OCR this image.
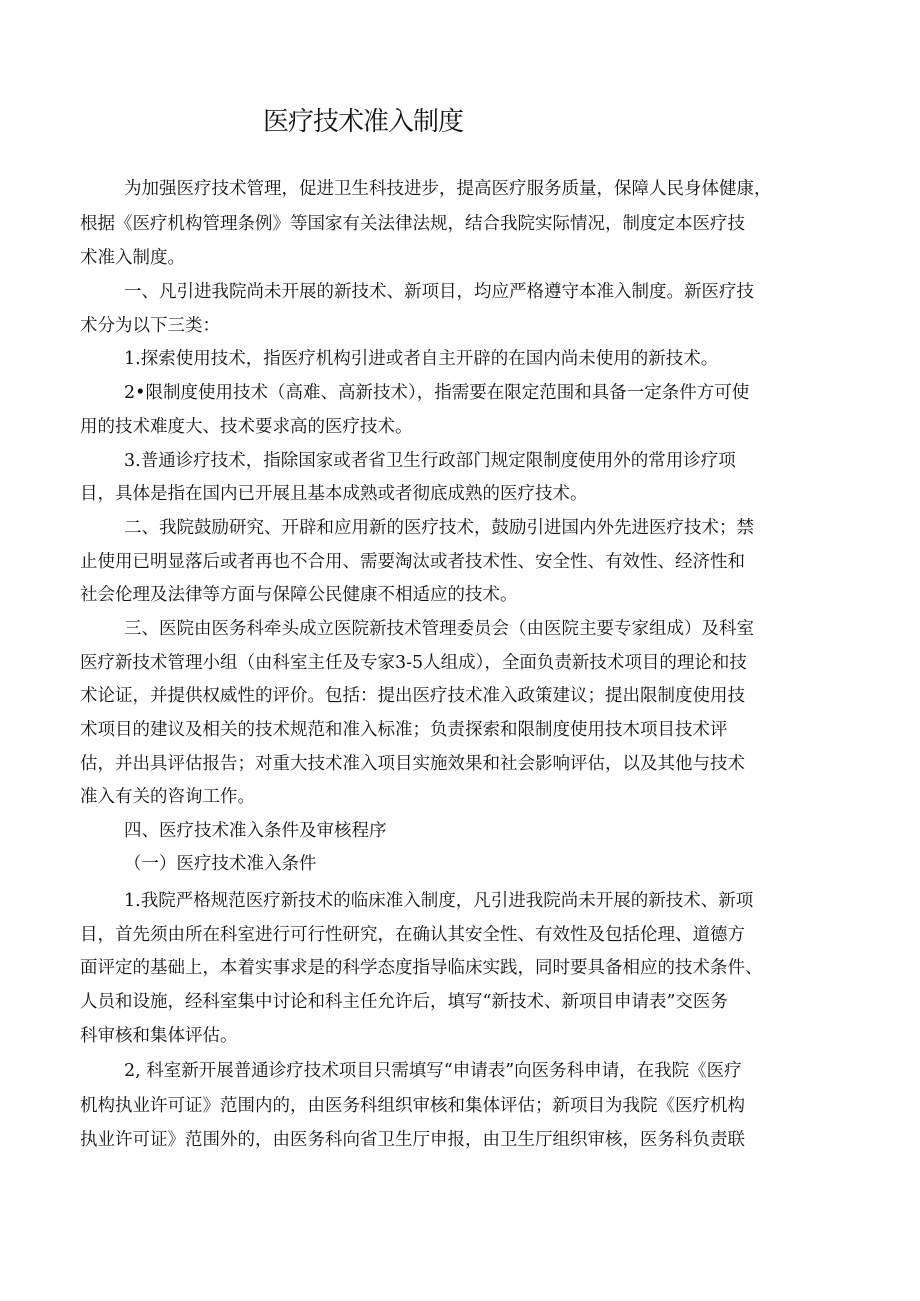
医疗技术准入制度
为加强医疗技术管理，促进卫生科技进步，提高医疗服务质量，保障人民身体健康，
根据《医疗机构管理条例》等国家有关法律法规，结合我院实际情况，制度定本医疗技
术准入制度。
一、凡引进我院尚未开展的新技术、新项目，均应严格遵守本准入制度。新医疗技
术分为以下三类：
1.探索使用技术，指医疗机构引进或者自主开辟的在国内尚未使用的新技术。
2•限制度使用技术（高难、高新技术），指需要在限定范围和具备一定条件方可使
用的技术难度大、技术要求高的医疗技术。
3.普通诊疗技术，指除国家或者省卫生行政部门规定限制度使用外的常用诊疗项
目，具体是指在国内已开展且基本成熟或者彻底成熟的医疗技术。
二、我院鼓励研究、开辟和应用新的医疗技术，鼓励引进国内外先进医疗技术；禁
止使用已明显落后或者再也不合用、需要淘汰或者技术性、安全性、有效性、经济性和
社会伦理及法律等方面与保障公民健康不相适应的技术。
三、医院由医务科牵头成立医院新技术管理委员会（由医院主要专家组成）及科室
医疗新技术管理小组（由科室主任及专家3-5人组成），全面负责新技术项目的理论和技
术论证，并提供权威性的评价。包括：提出医疗技术准入政策建议；提出限制度使用技
术项目的建议及相关的技术规范和准入标准；负责探索和限制度使用技木项目技术评
估，并出具评估报告；对重大技术准入项目实施效果和社会影响评估，以及其他与技术
准入有关的咨询工作。
四、医疗技术准入条件及审核程序
（一）医疗技术准入条件
1.我院严格规范医疗新技术的临床准入制度，凡引进我院尚未开展的新技术、新项
目，首先须由所在科室进行可行性研究，在确认其安全性、有效性及包括伦理、道德方
面评定的基础上，本着实事求是的科学态度指导临床实践，同时要具备相应的技术条件、
人员和设施，经科室集中讨论和科主任允许后，填写“新技术、新项目申请表”交医务
科审核和集体评估。
2, 科室新开展普通诊疗技术项目只需填写“申请表”向医务科申请，在我院《医疗
机构执业许可证》范围内的，由医务科组织审核和集体评估；新项目为我院《医疗机构
执业许可证》范围外的，由医务科向省卫生厅申报，由卫生厅组织审核，医务科负责联
